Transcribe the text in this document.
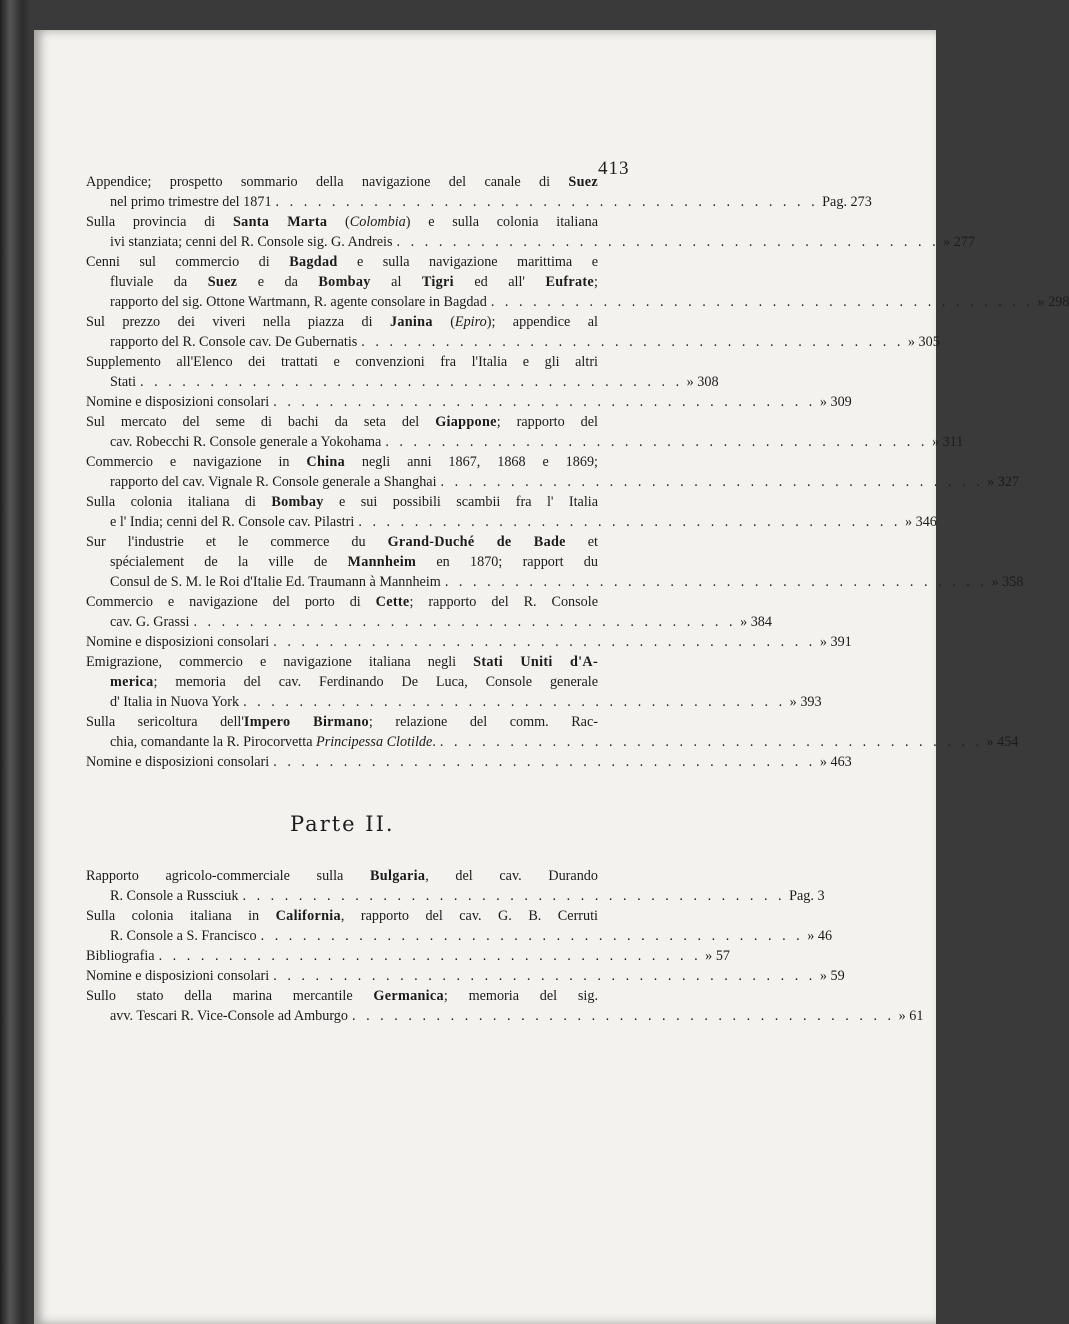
413
Appendice; prospetto sommario della navigazione del canale di Suez
nel primo trimestre del 1871 . . . . . . . . . . . . . . . . . . . . . . . . . . . . . . . . . . . . . . . Pag. 273
Sulla provincia di Santa Marta (Colombia) e sulla colonia italiana
ivi stanziata; cenni del R. Console sig. G. Andreis . . . . . . . . . . . . . . . . . . . . . . . . . . . . . . . . . . . . . . . » 277
Cenni sul commercio di Bagdad e sulla navigazione marittima e
fluviale da Suez e da Bombay al Tigri ed all' Eufrate;
rapporto del sig. Ottone Wartmann, R. agente consolare in Bagdad . . . . . . . . . . . . . . . . . . . . . . . . . . . . . . . . . . . . . . . » 298
Sul prezzo dei viveri nella piazza di Janina (Epiro); appendice al
rapporto del R. Console cav. De Gubernatis . . . . . . . . . . . . . . . . . . . . . . . . . . . . . . . . . . . . . . . » 305
Supplemento all'Elenco dei trattati e convenzioni fra l'Italia e gli altri
Stati . . . . . . . . . . . . . . . . . . . . . . . . . . . . . . . . . . . . . . . » 308
Nomine e disposizioni consolari . . . . . . . . . . . . . . . . . . . . . . . . . . . . . . . . . . . . . . . » 309
Sul mercato del seme di bachi da seta del Giappone; rapporto del
cav. Robecchi R. Console generale a Yokohama . . . . . . . . . . . . . . . . . . . . . . . . . . . . . . . . . . . . . . . » 311
Commercio e navigazione in China negli anni 1867, 1868 e 1869;
rapporto del cav. Vignale R. Console generale a Shanghai . . . . . . . . . . . . . . . . . . . . . . . . . . . . . . . . . . . . . . . » 327
Sulla colonia italiana di Bombay e sui possibili scambii fra l' Italia
e l' India; cenni del R. Console cav. Pilastri . . . . . . . . . . . . . . . . . . . . . . . . . . . . . . . . . . . . . . . » 346
Sur l'industrie et le commerce du Grand-Duché de Bade et
spécialement de la ville de Mannheim en 1870; rapport du
Consul de S. M. le Roi d'Italie Ed. Traumann à Mannheim . . . . . . . . . . . . . . . . . . . . . . . . . . . . . . . . . . . . . . . » 358
Commercio e navigazione del porto di Cette; rapporto del R. Console
cav. G. Grassi . . . . . . . . . . . . . . . . . . . . . . . . . . . . . . . . . . . . . . . » 384
Nomine e disposizioni consolari . . . . . . . . . . . . . . . . . . . . . . . . . . . . . . . . . . . . . . . » 391
Emigrazione, commercio e navigazione italiana negli Stati Uniti d'A-
merica; memoria del cav. Ferdinando De Luca, Console generale
d' Italia in Nuova York . . . . . . . . . . . . . . . . . . . . . . . . . . . . . . . . . . . . . . . » 393
Sulla sericoltura dell'Impero Birmano; relazione del comm. Rac-
chia, comandante la R. Pirocorvetta Principessa Clotilde. . . . . . . . . . . . . . . . . . . . . . . . . . . . . . . . . . . . . . . . » 454
Nomine e disposizioni consolari . . . . . . . . . . . . . . . . . . . . . . . . . . . . . . . . . . . . . . . » 463
Parte II.
Rapporto agricolo-commerciale sulla Bulgaria, del cav. Durando
R. Console a Russciuk . . . . . . . . . . . . . . . . . . . . . . . . . . . . . . . . . . . . . . . Pag. 3
Sulla colonia italiana in California, rapporto del cav. G. B. Cerruti
R. Console a S. Francisco . . . . . . . . . . . . . . . . . . . . . . . . . . . . . . . . . . . . . . . » 46
Bibliografia . . . . . . . . . . . . . . . . . . . . . . . . . . . . . . . . . . . . . . . » 57
Nomine e disposizioni consolari . . . . . . . . . . . . . . . . . . . . . . . . . . . . . . . . . . . . . . . » 59
Sullo stato della marina mercantile Germanica; memoria del sig.
avv. Tescari R. Vice-Console ad Amburgo . . . . . . . . . . . . . . . . . . . . . . . . . . . . . . . . . . . . . . . » 61
